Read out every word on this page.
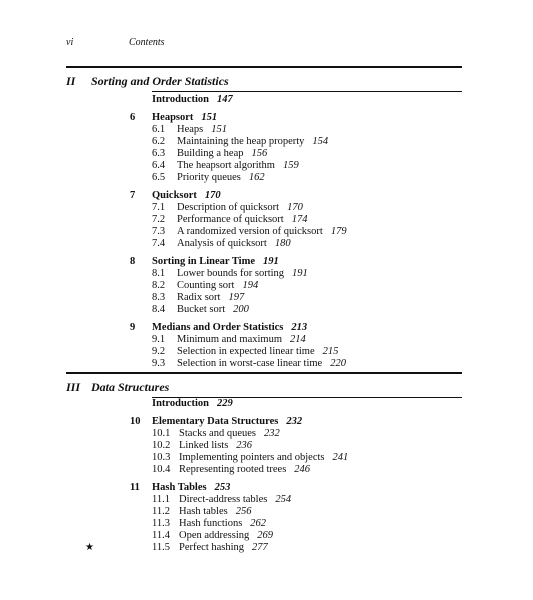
vi	Contents
II Sorting and Order Statistics
Introduction 147
6	Heapsort 151
6.1 Heaps 151
6.2 Maintaining the heap property 154
6.3 Building a heap 156
6.4 The heapsort algorithm 159
6.5 Priority queues 162
7	Quicksort 170
7.1 Description of quicksort 170
7.2 Performance of quicksort 174
7.3 A randomized version of quicksort 179
7.4 Analysis of quicksort 180
8	Sorting in Linear Time 191
8.1 Lower bounds for sorting 191
8.2 Counting sort 194
8.3 Radix sort 197
8.4 Bucket sort 200
9	Medians and Order Statistics 213
9.1 Minimum and maximum 214
9.2 Selection in expected linear time 215
9.3 Selection in worst-case linear time 220
III Data Structures
Introduction 229
10	Elementary Data Structures 232
10.1 Stacks and queues 232
10.2 Linked lists 236
10.3 Implementing pointers and objects 241
10.4 Representing rooted trees 246
11	Hash Tables 253
11.1 Direct-address tables 254
11.2 Hash tables 256
11.3 Hash functions 262
11.4 Open addressing 269
★	11.5 Perfect hashing 277
